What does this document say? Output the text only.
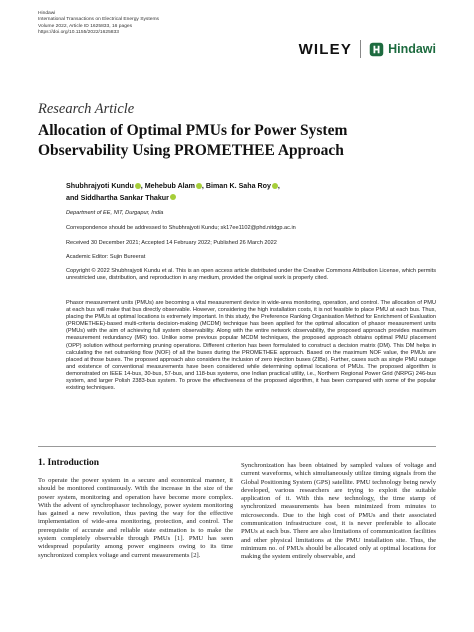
Hindawi
International Transactions on Electrical Energy Systems
Volume 2022, Article ID 1625833, 16 pages
https://doi.org/10.1155/2022/1625833
WILEY	Hindawi
Research Article
Allocation of Optimal PMUs for Power System Observability Using PROMETHEE Approach
Shubhrajyoti Kundu , Mehebub Alam , Biman K. Saha Roy ,
and Siddhartha Sankar Thakur
Department of EE, NIT, Durgapur, India
Correspondence should be addressed to Shubhrajyoti Kundu; sk17ee1102@phd.nitdgp.ac.in
Received 30 December 2021; Accepted 14 February 2022; Published 26 March 2022
Academic Editor: Sujin Bureerat
Copyright © 2022 Shubhrajyoti Kundu et al. This is an open access article distributed under the Creative Commons Attribution License, which permits unrestricted use, distribution, and reproduction in any medium, provided the original work is properly cited.
Phasor measurement units (PMUs) are becoming a vital measurement device in wide-area monitoring, operation, and control. The allocation of PMU at each bus will make that bus directly observable. However, considering the high installation costs, it is not feasible to place PMU at each bus. Thus, placing the PMUs at optimal locations is extremely important. In this study, the Preference Ranking Organisation Method for Enrichment of Evaluation (PROMETHEE)-based multi-criteria decision-making (MCDM) technique has been applied for the optimal allocation of phasor measurement units (PMUs) with the aim of achieving full system observability. Along with the entire network observability, the proposed approach provides maximum measurement redundancy (MR) too. Unlike some previous popular MCDM techniques, the proposed approach obtains optimal PMU placement (OPP) solution without performing pruning operations. Different criterion has been formulated to construct a decision matrix (DM). This DM helps in calculating the net outranking flow (NOF) of all the buses during the PROMETHEE approach. Based on the maximum NOF value, the PMUs are placed at those buses. The proposed approach also considers the inclusion of zero injection buses (ZIBs). Further, cases such as single PMU outage and existence of conventional measurements have been considered while determining optimal locations of PMUs. The proposed algorithm is demonstrated on IEEE 14-bus, 30-bus, 57-bus, and 118-bus systems, one Indian practical utility, i.e., Northern Regional Power Grid (NRPG) 246-bus system, and larger Polish 2383-bus system. To prove the effectiveness of the proposed algorithm, it has been compared with some of the popular existing techniques.
1. Introduction
To operate the power system in a secure and economical manner, it should be monitored continuously. With the increase in the size of the power system, monitoring and operation have become more complex. With the advent of synchrophasor technology, power system monitoring has gained a new revolution, thus paving the way for the effective implementation of wide-area monitoring, protection, and control. The prerequisite of accurate and reliable state estimation is to make the system completely observable through PMUs [1]. PMU has seen widespread popularity among power engineers owing to its time synchronized complex voltage and current measurements [2].
Synchronization has been obtained by sampled values of voltage and current waveforms, which simultaneously utilize timing signals from the Global Positioning System (GPS) satellite. PMU technology being newly developed, various researchers are trying to exploit the suitable application of it. With this new technology, the time stamp of synchronized measurements has been minimized from minutes to microseconds. Due to the high cost of PMUs and their associated communication infrastructure cost, it is never preferable to allocate PMUs at each bus. There are also limitations of communication facilities and other physical limitations at the PMU installation site. Thus, the minimum no. of PMUs should be allocated only at optimal locations for making the system entirely observable, and
